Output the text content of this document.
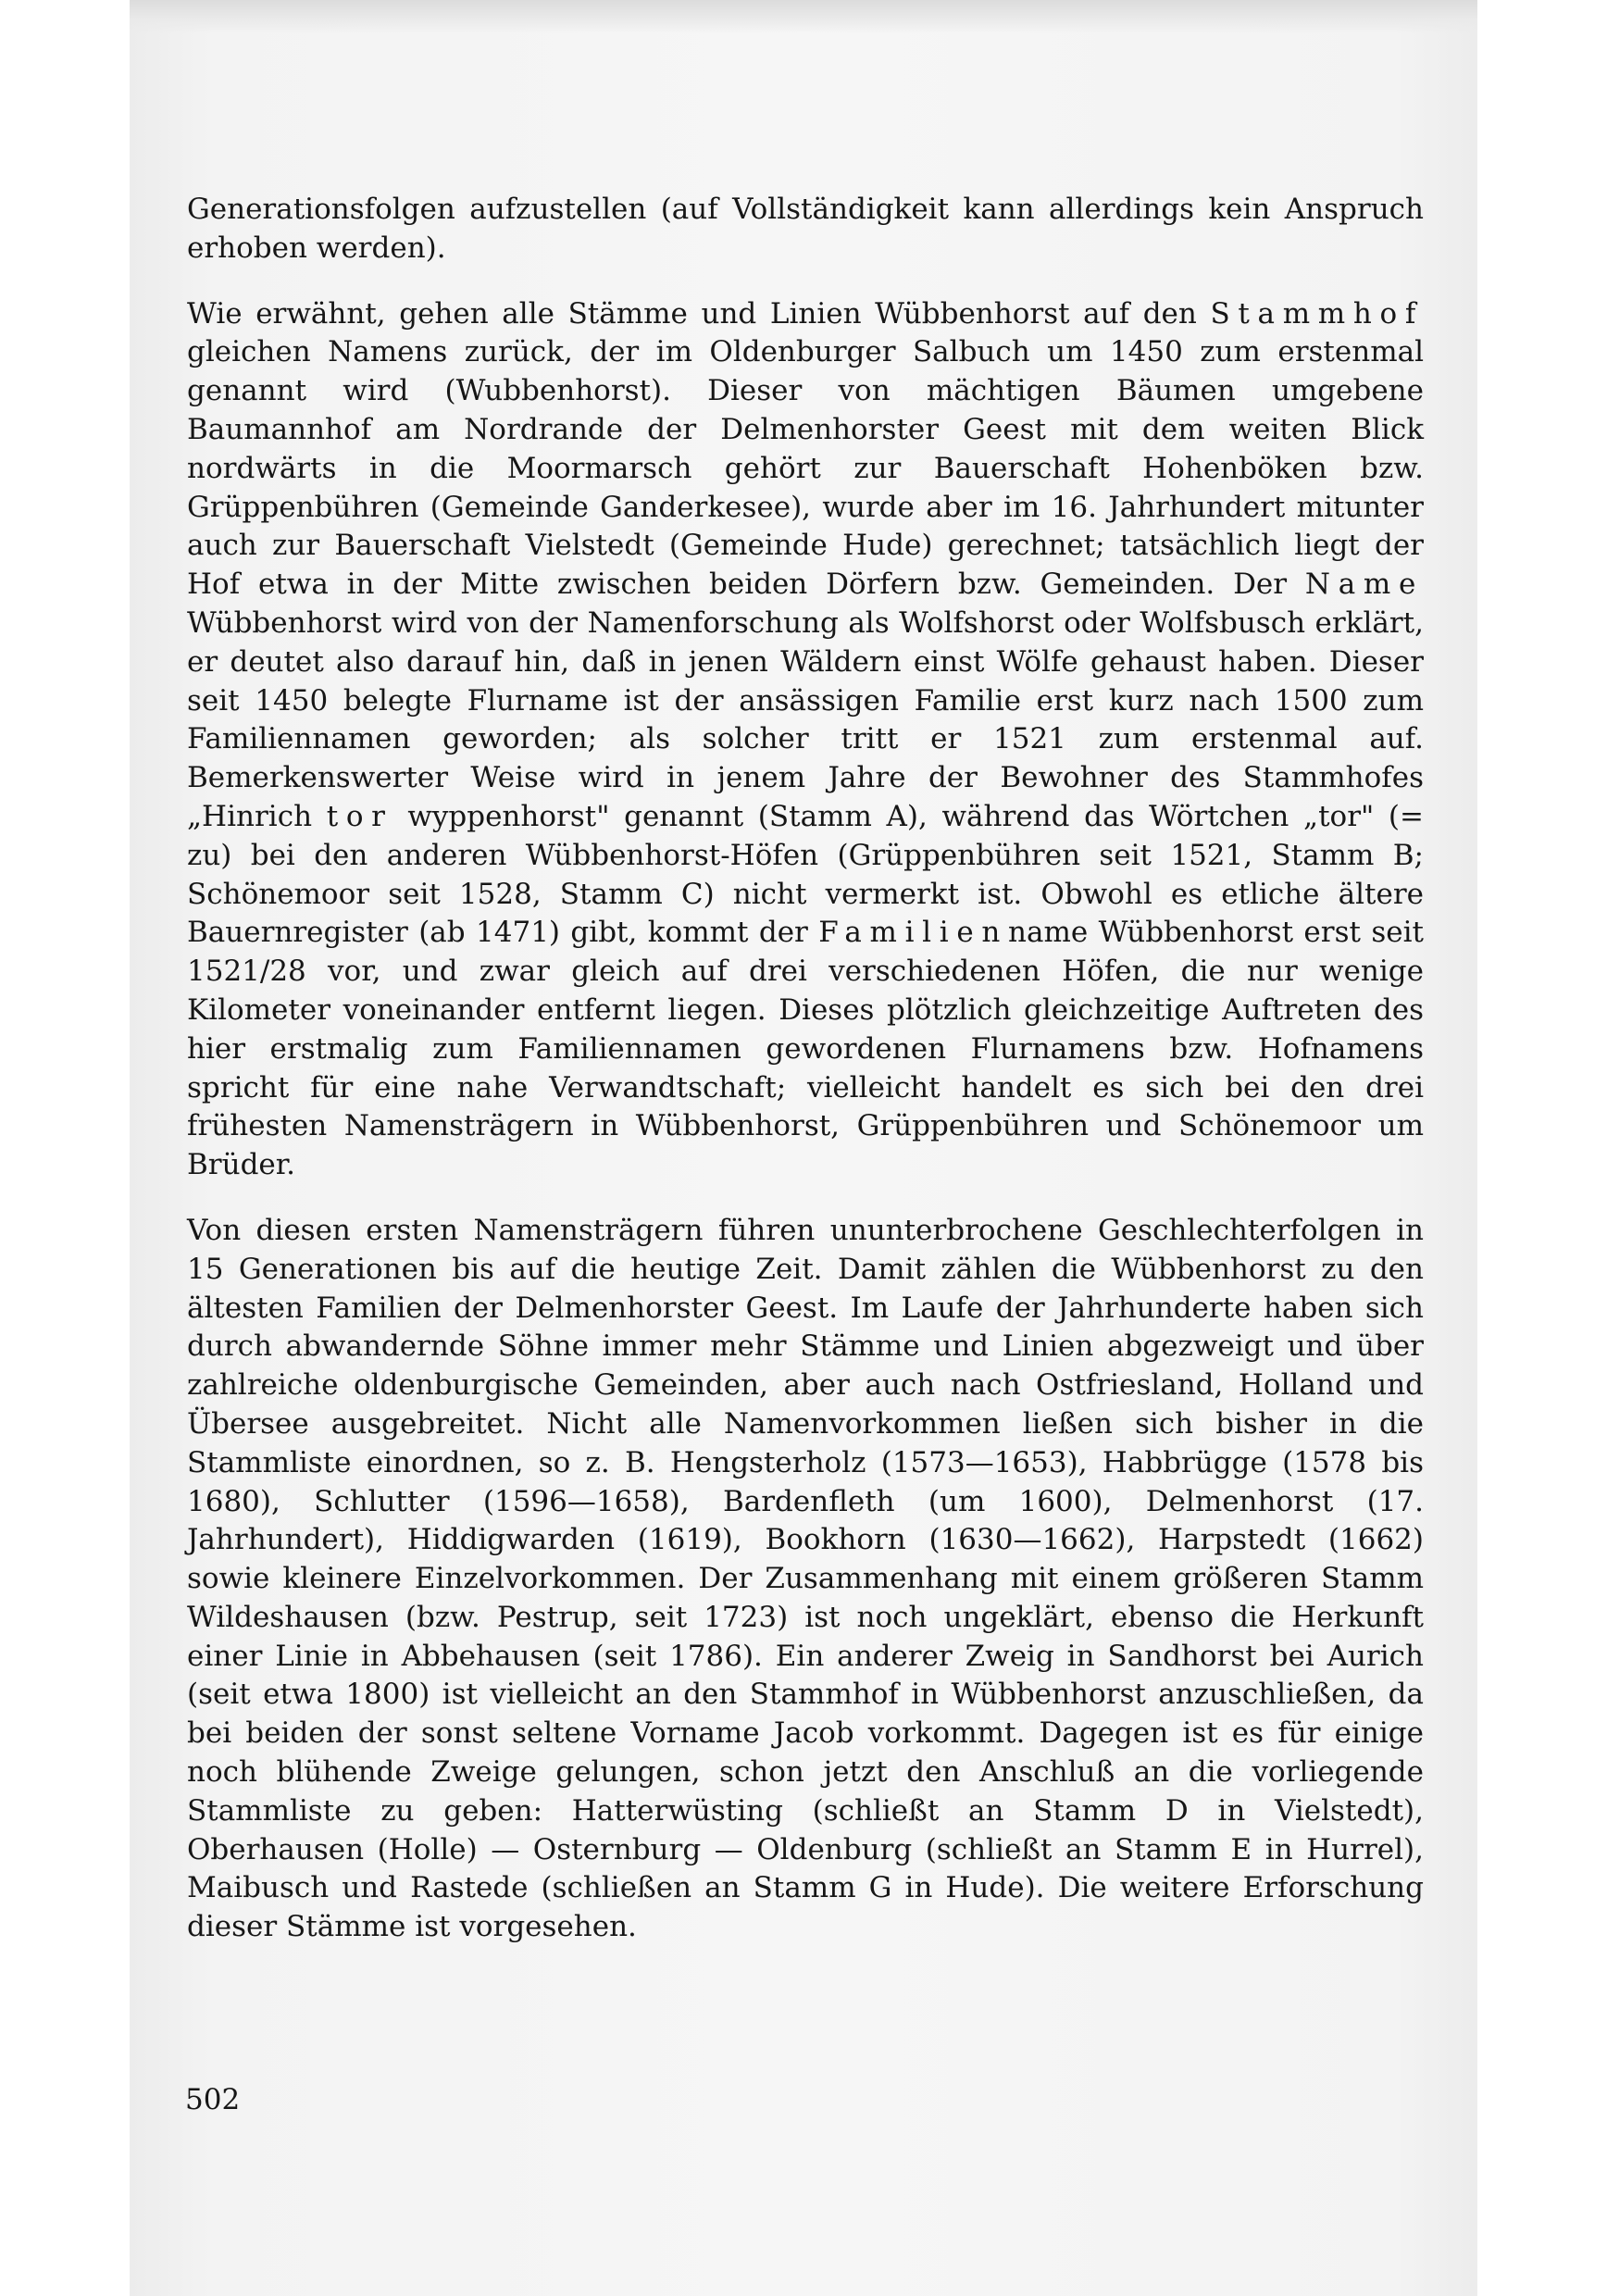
Generationsfolgen aufzustellen (auf Vollständigkeit kann allerdings kein Anspruch erhoben werden).

Wie erwähnt, gehen alle Stämme und Linien Wübbenhorst auf den Stammhof gleichen Namens zurück, der im Oldenburger Salbuch um 1450 zum erstenmal genannt wird (Wubbenhorst). Dieser von mächtigen Bäumen umgebene Baumannhof am Nordrande der Delmenhorster Geest mit dem weiten Blick nordwärts in die Moormarsch gehört zur Bauerschaft Hohenböken bzw. Grüppenbühren (Gemeinde Ganderkesee), wurde aber im 16. Jahrhundert mitunter auch zur Bauerschaft Vielstedt (Gemeinde Hude) gerechnet; tatsächlich liegt der Hof etwa in der Mitte zwischen beiden Dörfern bzw. Gemeinden. Der Name Wübbenhorst wird von der Namenforschung als Wolfshorst oder Wolfsbusch erklärt, er deutet also darauf hin, daß in jenen Wäldern einst Wölfe gehaust haben. Dieser seit 1450 belegte Flurname ist der ansässigen Familie erst kurz nach 1500 zum Familiennamen geworden; als solcher tritt er 1521 zum erstenmal auf. Bemerkenswerter Weise wird in jenem Jahre der Bewohner des Stammhofes „Hinrich tor wyppenhorst" genannt (Stamm A), während das Wörtchen „tor" (= zu) bei den anderen Wübbenhorst-Höfen (Grüppenbühren seit 1521, Stamm B; Schönemoor seit 1528, Stamm C) nicht vermerkt ist. Obwohl es etliche ältere Bauernregister (ab 1471) gibt, kommt der Familienname Wübbenhorst erst seit 1521/28 vor, und zwar gleich auf drei verschiedenen Höfen, die nur wenige Kilometer voneinander entfernt liegen. Dieses plötzlich gleichzeitige Auftreten des hier erstmalig zum Familiennamen gewordenen Flurnamens bzw. Hofnamens spricht für eine nahe Verwandtschaft; vielleicht handelt es sich bei den drei frühesten Namensträgern in Wübbenhorst, Grüppenbühren und Schönemoor um Brüder.

Von diesen ersten Namensträgern führen ununterbrochene Geschlechterfolgen in 15 Generationen bis auf die heutige Zeit. Damit zählen die Wübbenhorst zu den ältesten Familien der Delmenhorster Geest. Im Laufe der Jahrhunderte haben sich durch abwandernde Söhne immer mehr Stämme und Linien abgezweigt und über zahlreiche oldenburgische Gemeinden, aber auch nach Ostfriesland, Holland und Übersee ausgebreitet. Nicht alle Namenvorkommen ließen sich bisher in die Stammliste einordnen, so z. B. Hengsterholz (1573—1653), Habbrügge (1578 bis 1680), Schlutter (1596—1658), Bardenfleth (um 1600), Delmenhorst (17. Jahrhundert), Hiddigwarden (1619), Bookhorn (1630—1662), Harpstedt (1662) sowie kleinere Einzelvorkommen. Der Zusammenhang mit einem größeren Stamm Wildeshausen (bzw. Pestrup, seit 1723) ist noch ungeklärt, ebenso die Herkunft einer Linie in Abbehausen (seit 1786). Ein anderer Zweig in Sandhorst bei Aurich (seit etwa 1800) ist vielleicht an den Stammhof in Wübbenhorst anzuschließen, da bei beiden der sonst seltene Vorname Jacob vorkommt. Dagegen ist es für einige noch blühende Zweige gelungen, schon jetzt den Anschluß an die vorliegende Stammliste zu geben: Hatterwüsting (schließt an Stamm D in Vielstedt), Oberhausen (Holle) — Osternburg — Oldenburg (schließt an Stamm E in Hurrel), Maibusch und Rastede (schließen an Stamm G in Hude). Die weitere Erforschung dieser Stämme ist vorgesehen.

502
